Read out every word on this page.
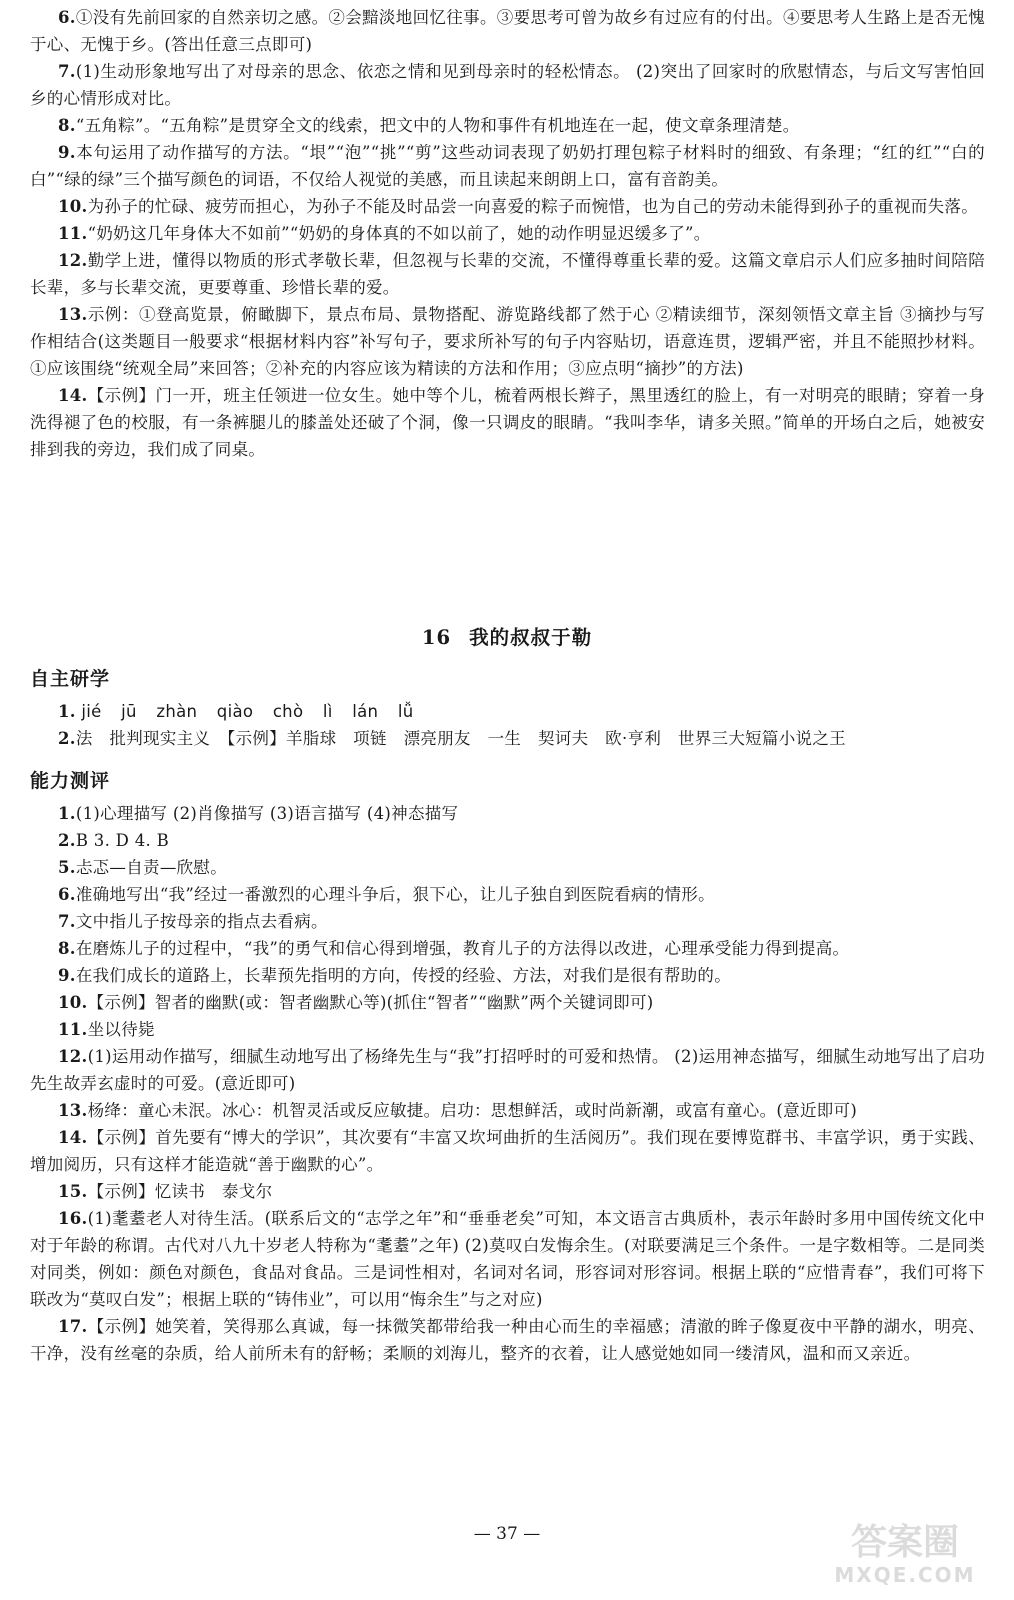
6.①没有先前回家的自然亲切之感。②会黯淡地回忆往事。③要思考可曾为故乡有过应有的付出。④要思考人生路上是否无愧于心、无愧于乡。(答出任意三点即可)

7.(1)生动形象地写出了对母亲的思念、依恋之情和见到母亲时的轻松情态。 (2)突出了回家时的欣慰情态，与后文写害怕回乡的心情形成对比。

8.“五角粽”。“五角粽”是贯穿全文的线索，把文中的人物和事件有机地连在一起，使文章条理清楚。

9.本句运用了动作描写的方法。“垠”“泡”“挑”“剪”这些动词表现了奶奶打理包粽子材料时的细致、有条理；“红的红”“白的白”“绿的绿”三个描写颜色的词语，不仅给人视觉的美感，而且读起来朗朗上口，富有音韵美。

10.为孙子的忙碌、疲劳而担心，为孙子不能及时品尝一向喜爱的粽子而惋惜，也为自己的劳动未能得到孙子的重视而失落。

11.“奶奶这几年身体大不如前”“奶奶的身体真的不如以前了，她的动作明显迟缓多了”。

12.勤学上进，懂得以物质的形式孝敬长辈，但忽视与长辈的交流，不懂得尊重长辈的爱。这篇文章启示人们应多抽时间陪陪长辈，多与长辈交流，更要尊重、珍惜长辈的爱。

13.示例：①登高览景，俯瞰脚下，景点布局、景物搭配、游览路线都了然于心 ②精读细节，深刻领悟文章主旨 ③摘抄与写作相结合(这类题目一般要求“根据材料内容”补写句子，要求所补写的句子内容贴切，语意连贯，逻辑严密，并且不能照抄材料。①应该围绕“统观全局”来回答；②补充的内容应该为精读的方法和作用；③应点明“摘抄”的方法)

14.【示例】门一开，班主任领进一位女生。她中等个儿，梳着两根长辫子，黑里透红的脸上，有一对明亮的眼睛；穿着一身洗得褪了色的校服，有一条裤腿儿的膝盖处还破了个洞，像一只调皮的眼睛。“我叫李华，请多关照。”简单的开场白之后，她被安排到我的旁边，我们成了同桌。

16 我的叔叔于勒
自主研学

1. jié jū zhàn qiào chò lì lán lǚ

2.法　批判现实主义　【示例】羊脂球　项链　漂亮朋友　一生　契诃夫　欧·亨利　世界三大短篇小说之王

能力测评

1.(1)心理描写 (2)肖像描写 (3)语言描写 (4)神态描写

2.B 3. D 4. B

5.忐忑—自责—欣慰。

6.准确地写出“我”经过一番激烈的心理斗争后，狠下心，让儿子独自到医院看病的情形。

7.文中指儿子按母亲的指点去看病。

8.在磨炼儿子的过程中，“我”的勇气和信心得到增强，教育儿子的方法得以改进，心理承受能力得到提高。

9.在我们成长的道路上，长辈预先指明的方向，传授的经验、方法，对我们是很有帮助的。

10.【示例】智者的幽默(或：智者幽默心等)(抓住“智者”“幽默”两个关键词即可)

11.坐以待毙

12.(1)运用动作描写，细腻生动地写出了杨绛先生与“我”打招呼时的可爱和热情。 (2)运用神态描写，细腻生动地写出了启功先生故弄玄虚时的可爱。(意近即可)

13.杨绛：童心未泯。冰心：机智灵活或反应敏捷。启功：思想鲜活，或时尚新潮，或富有童心。(意近即可)

14.【示例】首先要有“博大的学识”，其次要有“丰富又坎坷曲折的生活阅历”。我们现在要博览群书、丰富学识，勇于实践、增加阅历，只有这样才能造就“善于幽默的心”。

15.【示例】忆读书　泰戈尔

16.(1)耄耋老人对待生活。(联系后文的“志学之年”和“垂垂老矣”可知，本文语言古典质朴，表示年龄时多用中国传统文化中对于年龄的称谓。古代对八九十岁老人特称为“耄耋”之年) (2)莫叹白发悔余生。(对联要满足三个条件。一是字数相等。二是同类对同类，例如：颜色对颜色，食品对食品。三是词性相对，名词对名词，形容词对形容词。根据上联的“应惜青春”，我们可将下联改为“莫叹白发”；根据上联的“铸伟业”，可以用“悔余生”与之对应)

17.【示例】她笑着，笑得那么真诚，每一抹微笑都带给我一种由心而生的幸福感；清澈的眸子像夏夜中平静的湖水，明亮、干净，没有丝毫的杂质，给人前所未有的舒畅；柔顺的刘海儿，整齐的衣着，让人感觉她如同一缕清风，温和而又亲近。

— 37 —	答案圈
MXQE.COM
